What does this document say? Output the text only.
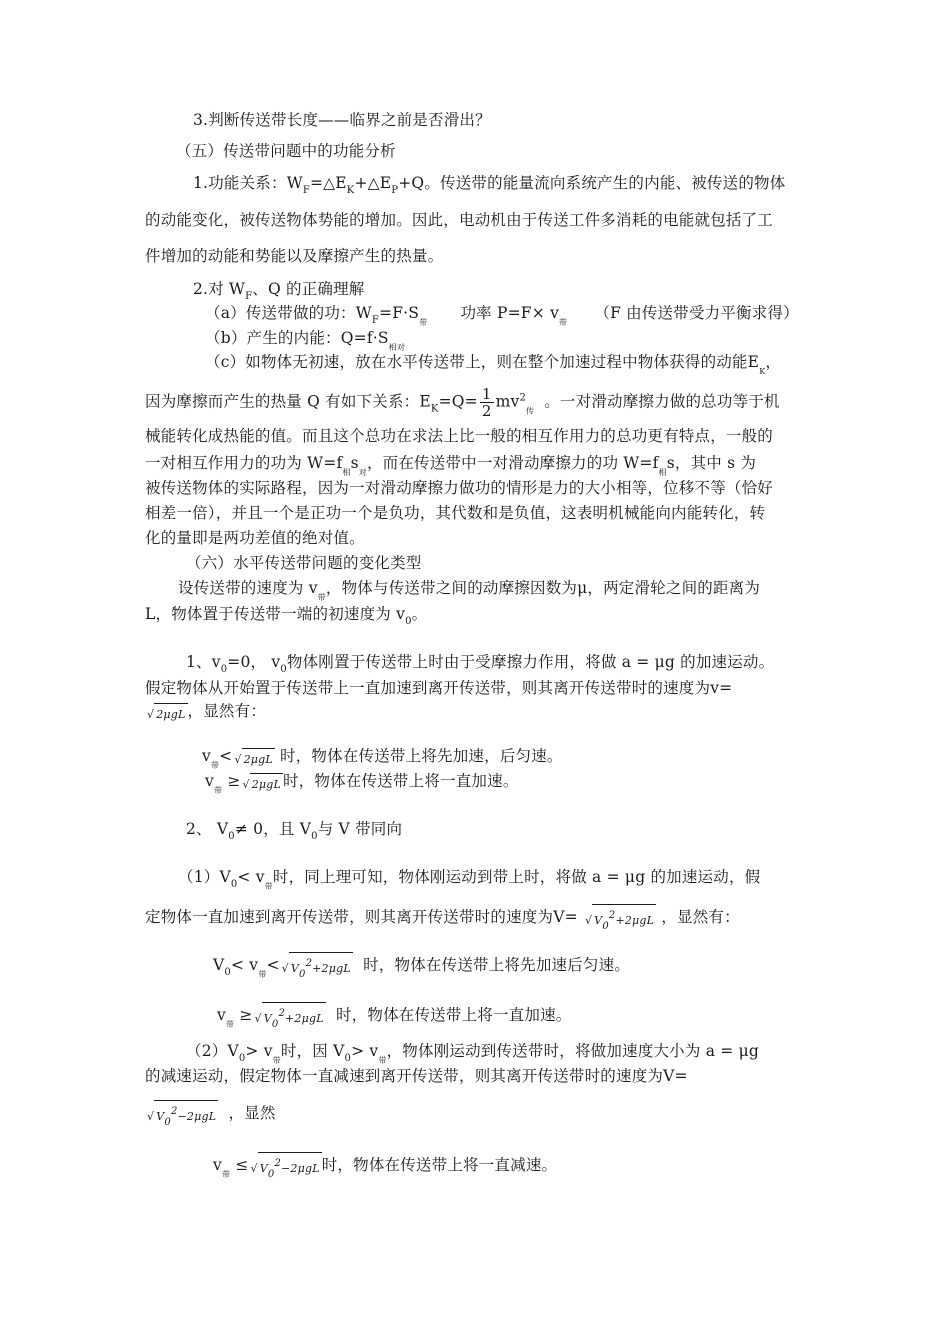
3.判断传送带长度——临界之前是否滑出？
（五）传送带问题中的功能分析
1.功能关系：$W_F=\triangle E_K+\triangle E_P+Q$。传送带的能量流向系统产生的内能、被传送的物体
的动能变化，被传送物体势能的增加。因此，电动机由于传送工件多消耗的电能就包括了工
件增加的动能和势能以及摩擦产生的热量。
2.对 $W_F$、Q 的正确理解
（a）传送带做的功：$W_F=F\cdot S_带$ 功率 $P=F\times v_带$ （F 由传送带受力平衡求得）
（b）产生的内能：$Q=f\cdot S_{相对}$
（c）如物体无初速，放在水平传送带上，则在整个加速过程中物体获得的动能$E_K$，
因为摩擦而产生的热量 Q 有如下关系：$E_K=Q= \frac{1}{2} mv^2_传$。一对滑动摩擦力做的总功等于机
械能转化成热能的值。而且这个总功在求法上比一般的相互作用力的总功更有特点，一般的
一对相互作用力的功为 $W=f_相s_对$，而在传送带中一对滑动摩擦力的功 $W=f_相s$，其中 s 为
被传送物体的实际路程，因为一对滑动摩擦力做功的情形是力的大小相等，位移不等（恰好
相差一倍），并且一个是正功一个是负功，其代数和是负值，这表明机械能向内能转化，转
化的量即是两功差值的绝对值。
（六）水平传送带问题的变化类型
设传送带的速度为 $v_带$，物体与传送带之间的动摩擦因数为μ，两定滑轮之间的距离为
L，物体置于传送带一端的初速度为 $v_0$。
1、$v_0=0$， $v_0$物体刚置于传送带上时由于受摩擦力作用，将做 a = μg 的加速运动。
假定物体从开始置于传送带上一直加速到离开传送带，则其离开传送带时的速度为v=
√ 2μgL ，显然有：
$v_带<$ √ 2μgL 时，物体在传送带上将先加速，后匀速。
$v_带$ ≥ √ 2μgL 时，物体在传送带上将一直加速。
2、 $V_0\ne 0$，且 $V_0$与 V 带同向
$(1)V_0< v_带$时，同上理可知，物体刚运动到带上时，将做 a = μg 的加速运动，假
定物体一直加速到离开传送带，则其离开传送带时的速度为V= √ V02+2μgL ，显然有：
$V_0< v_带<$ √ V02+2μgL 时，物体在传送带上将先加速后匀速。
$v_带$ ≥ √ V02+2μgL 时，物体在传送带上将一直加速。
$(2)V_0> v_带$时，因 $V_0> v_带$，物体刚运动到传送带时，将做加速度大小为 a = μg
的减速运动，假定物体一直减速到离开传送带，则其离开传送带时的速度为V=
√ V02−2μgL ，显然
$v_带$ ≤ √ V02−2μgL 时，物体在传送带上将一直减速。
